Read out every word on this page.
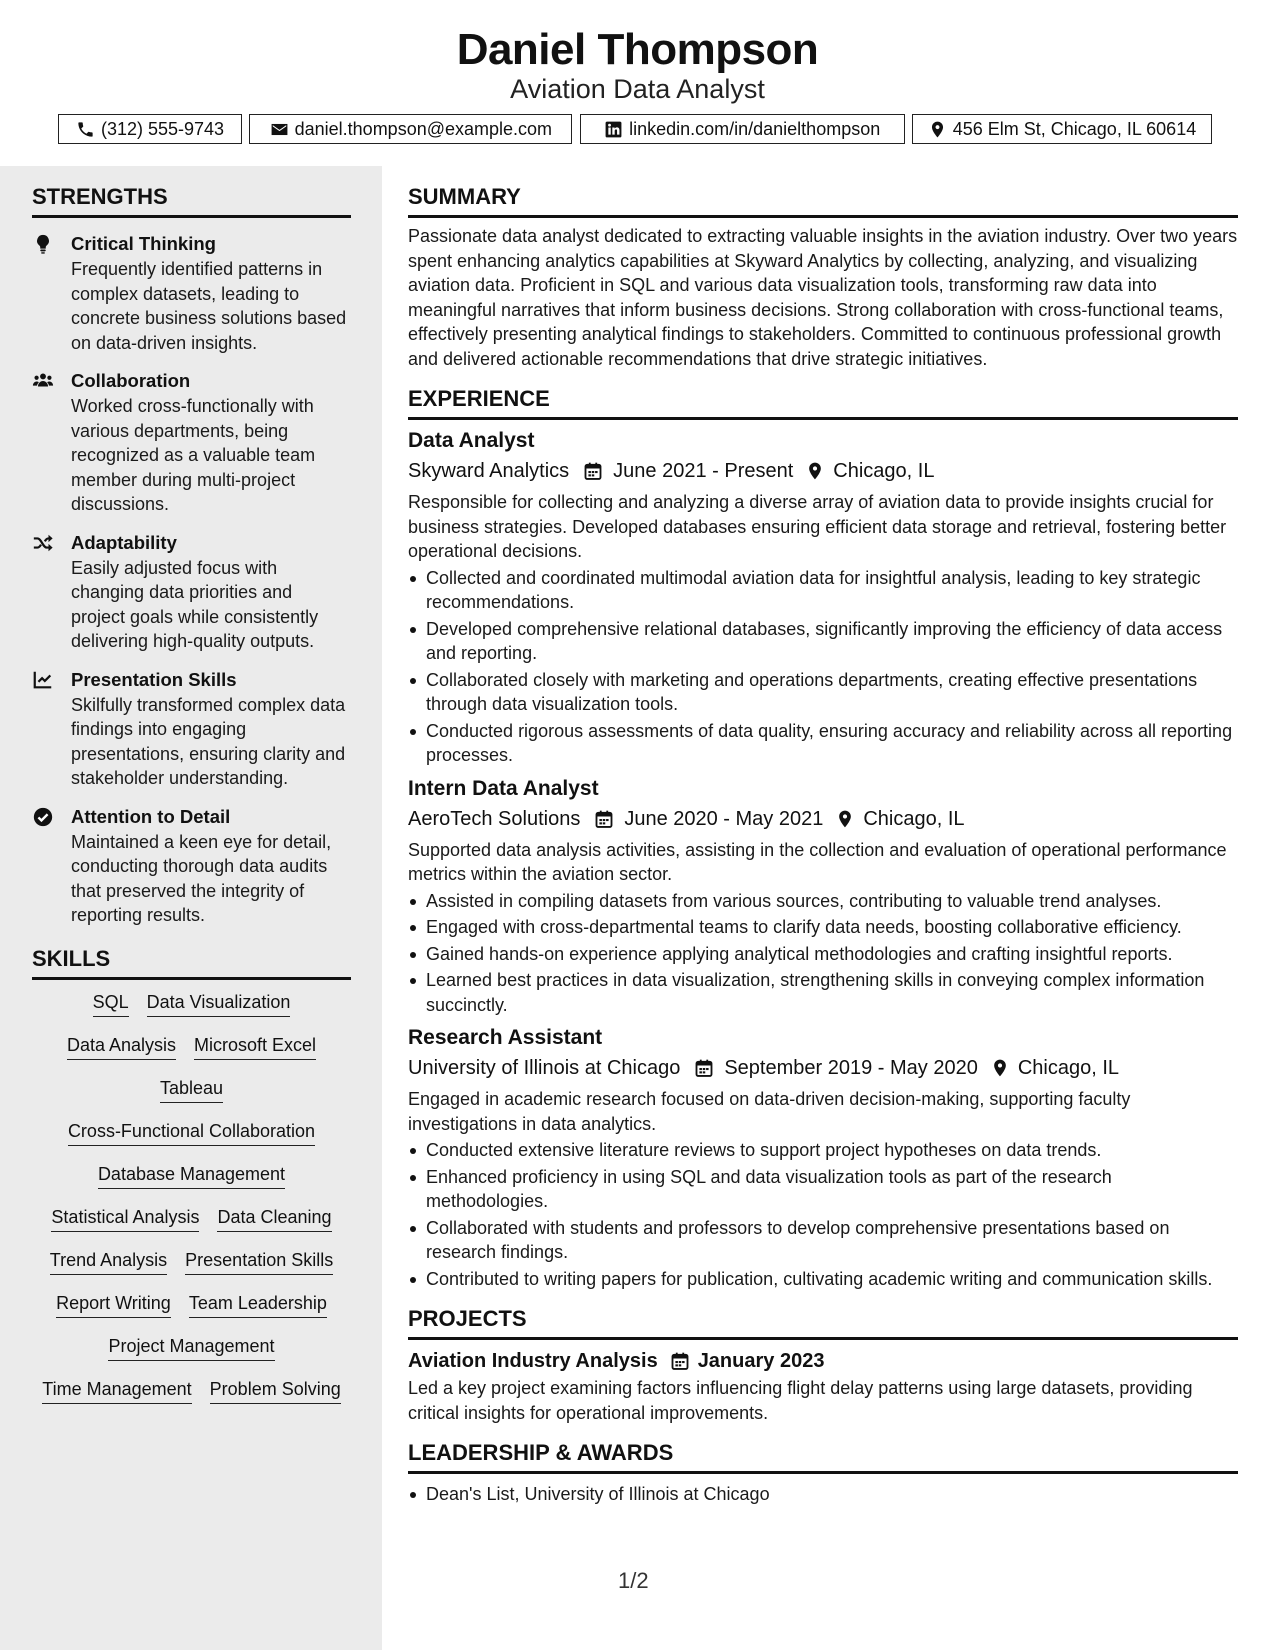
Daniel Thompson
Aviation Data Analyst
(312) 555-9743	daniel.thompson@example.com	linkedin.com/in/danielthompson	456 Elm St, Chicago, IL 60614
STRENGTHS
Critical Thinking
Frequently identified patterns in complex datasets, leading to concrete business solutions based on data-driven insights.
Collaboration
Worked cross-functionally with various departments, being recognized as a valuable team member during multi-project discussions.
Adaptability
Easily adjusted focus with changing data priorities and project goals while consistently delivering high-quality outputs.
Presentation Skills
Skilfully transformed complex data findings into engaging presentations, ensuring clarity and stakeholder understanding.
Attention to Detail
Maintained a keen eye for detail, conducting thorough data audits that preserved the integrity of reporting results.
SKILLS
SQL Data Visualization
Data Analysis Microsoft Excel
Tableau
Cross-Functional Collaboration
Database Management
Statistical Analysis Data Cleaning
Trend Analysis Presentation Skills
Report Writing Team Leadership
Project Management
Time Management Problem Solving
SUMMARY
Passionate data analyst dedicated to extracting valuable insights in the aviation industry. Over two years spent enhancing analytics capabilities at Skyward Analytics by collecting, analyzing, and visualizing aviation data. Proficient in SQL and various data visualization tools, transforming raw data into meaningful narratives that inform business decisions. Strong collaboration with cross-functional teams, effectively presenting analytical findings to stakeholders. Committed to continuous professional growth and delivered actionable recommendations that drive strategic initiatives.
EXPERIENCE
Data Analyst
Skyward Analytics June 2021 - Present Chicago, IL
Responsible for collecting and analyzing a diverse array of aviation data to provide insights crucial for business strategies. Developed databases ensuring efficient data storage and retrieval, fostering better operational decisions.
Collected and coordinated multimodal aviation data for insightful analysis, leading to key strategic recommendations.
Developed comprehensive relational databases, significantly improving the efficiency of data access and reporting.
Collaborated closely with marketing and operations departments, creating effective presentations through data visualization tools.
Conducted rigorous assessments of data quality, ensuring accuracy and reliability across all reporting processes.
Intern Data Analyst
AeroTech Solutions June 2020 - May 2021 Chicago, IL
Supported data analysis activities, assisting in the collection and evaluation of operational performance metrics within the aviation sector.
Assisted in compiling datasets from various sources, contributing to valuable trend analyses.
Engaged with cross-departmental teams to clarify data needs, boosting collaborative efficiency.
Gained hands-on experience applying analytical methodologies and crafting insightful reports.
Learned best practices in data visualization, strengthening skills in conveying complex information succinctly.
Research Assistant
University of Illinois at Chicago September 2019 - May 2020 Chicago, IL
Engaged in academic research focused on data-driven decision-making, supporting faculty investigations in data analytics.
Conducted extensive literature reviews to support project hypotheses on data trends.
Enhanced proficiency in using SQL and data visualization tools as part of the research methodologies.
Collaborated with students and professors to develop comprehensive presentations based on research findings.
Contributed to writing papers for publication, cultivating academic writing and communication skills.
PROJECTS
Aviation Industry Analysis January 2023
Led a key project examining factors influencing flight delay patterns using large datasets, providing critical insights for operational improvements.
LEADERSHIP & AWARDS
Dean's List, University of Illinois at Chicago
1/2
